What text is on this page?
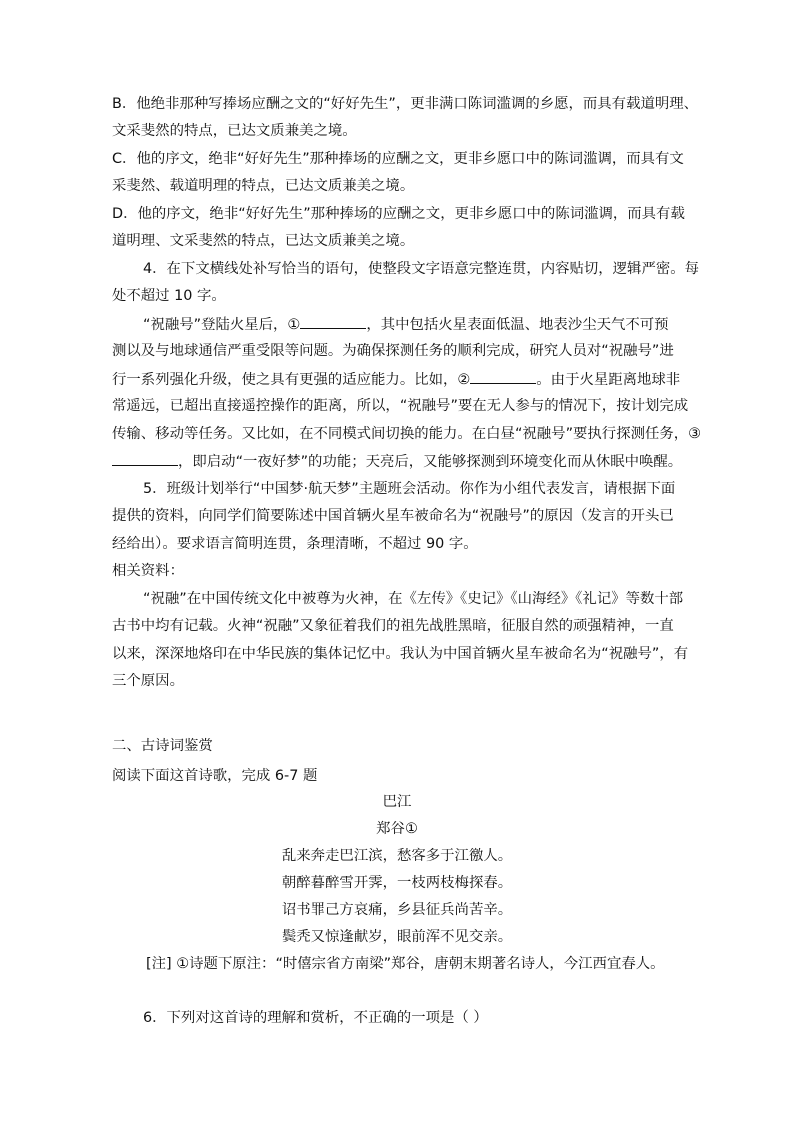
B．他绝非那种写捧场应酬之文的“好好先生”，更非满口陈词滥调的乡愿，而具有载道明理、
文采斐然的特点，已达文质兼美之境。
C．他的序文，绝非“好好先生”那种捧场的应酬之文，更非乡愿口中的陈词滥调，而具有文
采斐然、载道明理的特点，已达文质兼美之境。
D．他的序文，绝非“好好先生”那种捧场的应酬之文，更非乡愿口中的陈词滥调，而具有载
道明理、文采斐然的特点，已达文质兼美之境。
4．在下文横线处补写恰当的语句，使整段文字语意完整连贯，内容贴切，逻辑严密。每
处不超过 10 字。
“祝融号”登陆火星后，①	，其中包括火星表面低温、地表沙尘天气不可预
测以及与地球通信严重受限等问题。为确保探测任务的顺利完成，研究人员对“祝融号”进
行一系列强化升级，使之具有更强的适应能力。比如，②	。由于火星距离地球非
常遥远，已超出直接遥控操作的距离，所以，“祝融号”要在无人参与的情况下，按计划完成
传输、移动等任务。又比如，在不同模式间切换的能力。在白昼“祝融号”要执行探测任务，③
，即启动“一夜好梦”的功能；天亮后，又能够探测到环境变化而从休眠中唤醒。
5．班级计划举行“中国梦·航天梦”主题班会活动。你作为小组代表发言，请根据下面
提供的资料，向同学们简要陈述中国首辆火星车被命名为“祝融号”的原因（发言的开头已
经给出）。要求语言简明连贯，条理清晰，不超过 90 字。
相关资料：
“祝融”在中国传统文化中被尊为火神，在《左传》《史记》《山海经》《礼记》等数十部
古书中均有记载。火神“祝融”又象征着我们的祖先战胜黑暗，征服自然的顽强精神，一直
以来，深深地烙印在中华民族的集体记忆中。我认为中国首辆火星车被命名为“祝融号”，有
三个原因。
二、古诗词鉴赏
阅读下面这首诗歌，完成 6-7 题
巴江
郑谷①
乱来奔走巴江滨，愁客多于江徼人。
朝醉暮醉雪开霁，一枝两枝梅探春。
诏书罪己方哀痛，乡县征兵尚苦辛。
鬓秃又惊逢献岁，眼前浑不见交亲。
[注] ①诗题下原注：“时僖宗省方南梁”郑谷，唐朝末期著名诗人，今江西宜春人。
6．下列对这首诗的理解和赏析，不正确的一项是（ ）
